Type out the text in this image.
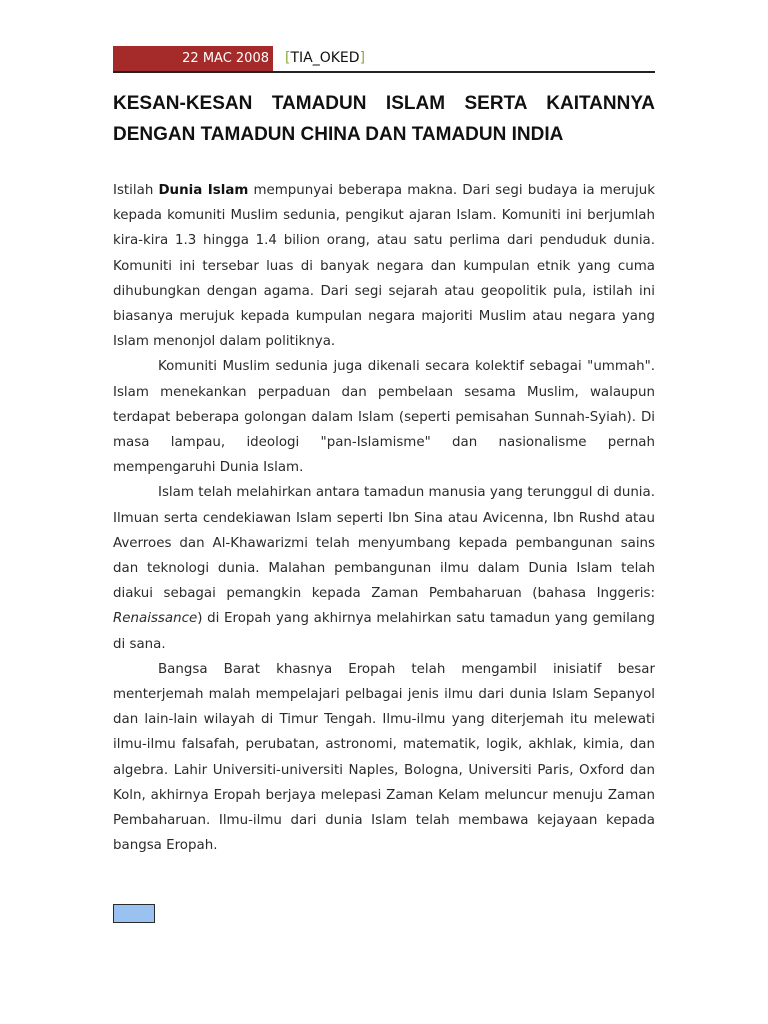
22 MAC 2008 [TIA_OKED]
KESAN-KESAN TAMADUN ISLAM SERTA KAITANNYA
DENGAN TAMADUN CHINA DAN TAMADUN INDIA

Istilah Dunia Islam mempunyai beberapa makna. Dari segi budaya ia merujuk kepada komuniti Muslim sedunia, pengikut ajaran Islam. Komuniti ini berjumlah kira-kira 1.3 hingga 1.4 bilion orang, atau satu perlima dari penduduk dunia. Komuniti ini tersebar luas di banyak negara dan kumpulan etnik yang cuma dihubungkan dengan agama. Dari segi sejarah atau geopolitik pula, istilah ini biasanya merujuk kepada kumpulan negara majoriti Muslim atau negara yang Islam menonjol dalam politiknya.

Komuniti Muslim sedunia juga dikenali secara kolektif sebagai "ummah". Islam menekankan perpaduan dan pembelaan sesama Muslim, walaupun terdapat beberapa golongan dalam Islam (seperti pemisahan Sunnah-Syiah). Di masa lampau, ideologi "pan-Islamisme" dan nasionalisme pernah mempengaruhi Dunia Islam.

Islam telah melahirkan antara tamadun manusia yang terunggul di dunia. Ilmuan serta cendekiawan Islam seperti Ibn Sina atau Avicenna, Ibn Rushd atau Averroes dan Al-Khawarizmi telah menyumbang kepada pembangunan sains dan teknologi dunia. Malahan pembangunan ilmu dalam Dunia Islam telah diakui sebagai pemangkin kepada Zaman Pembaharuan (bahasa Inggeris: Renaissance) di Eropah yang akhirnya melahirkan satu tamadun yang gemilang di sana.

Bangsa Barat khasnya Eropah telah mengambil inisiatif besar menterjemah malah mempelajari pelbagai jenis ilmu dari dunia Islam Sepanyol dan lain-lain wilayah di Timur Tengah. Ilmu-ilmu yang diterjemah itu melewati ilmu-ilmu falsafah, perubatan, astronomi, matematik, logik, akhlak, kimia, dan algebra. Lahir Universiti-universiti Naples, Bologna, Universiti Paris, Oxford dan Koln, akhirnya Eropah berjaya melepasi Zaman Kelam meluncur menuju Zaman Pembaharuan. Ilmu-ilmu dari dunia Islam telah membawa kejayaan kepada bangsa Eropah.
